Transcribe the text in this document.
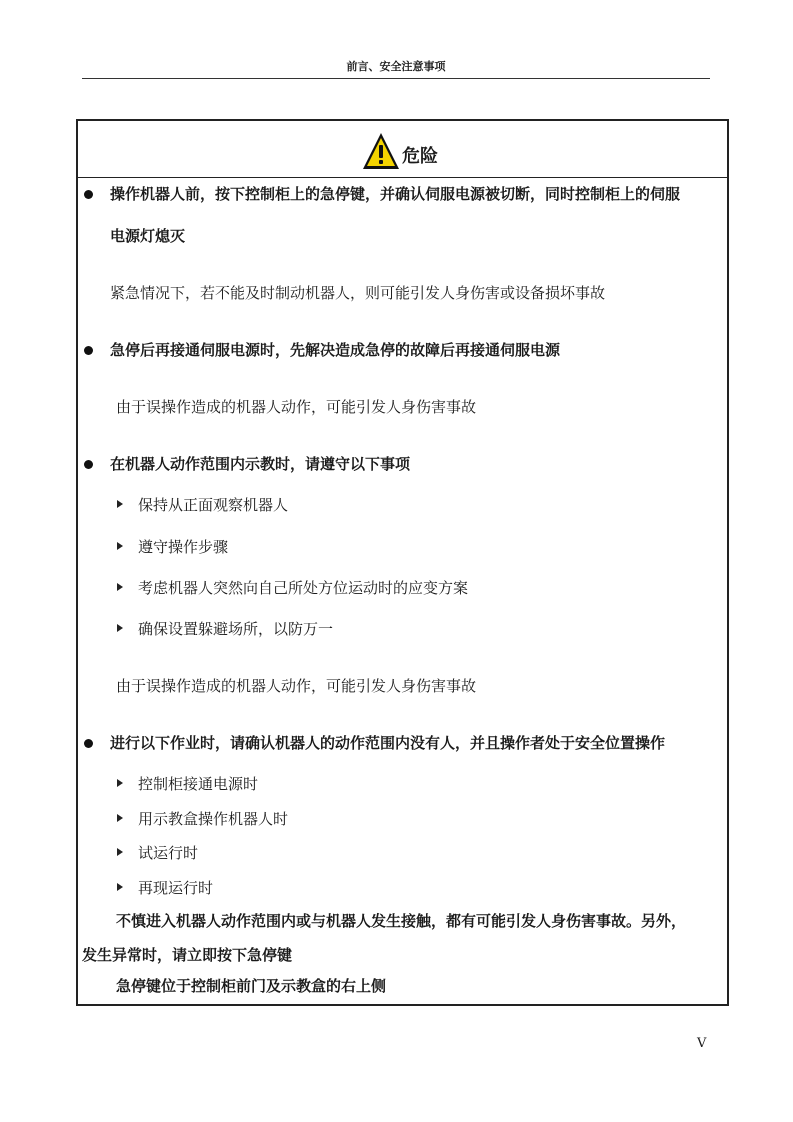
前言、安全注意事项
危险
操作机器人前，按下控制柜上的急停键，并确认伺服电源被切断，同时控制柜上的伺服
电源灯熄灭
紧急情况下，若不能及时制动机器人，则可能引发人身伤害或设备损坏事故
急停后再接通伺服电源时，先解决造成急停的故障后再接通伺服电源
由于误操作造成的机器人动作，可能引发人身伤害事故
在机器人动作范围内示教时，请遵守以下事项
保持从正面观察机器人
遵守操作步骤
考虑机器人突然向自己所处方位运动时的应变方案
确保设置躲避场所，以防万一
由于误操作造成的机器人动作，可能引发人身伤害事故
进行以下作业时，请确认机器人的动作范围内没有人，并且操作者处于安全位置操作
控制柜接通电源时
用示教盒操作机器人时
试运行时
再现运行时
不慎进入机器人动作范围内或与机器人发生接触，都有可能引发人身伤害事故。另外，
发生异常时，请立即按下急停键
急停键位于控制柜前门及示教盒的右上侧
V
